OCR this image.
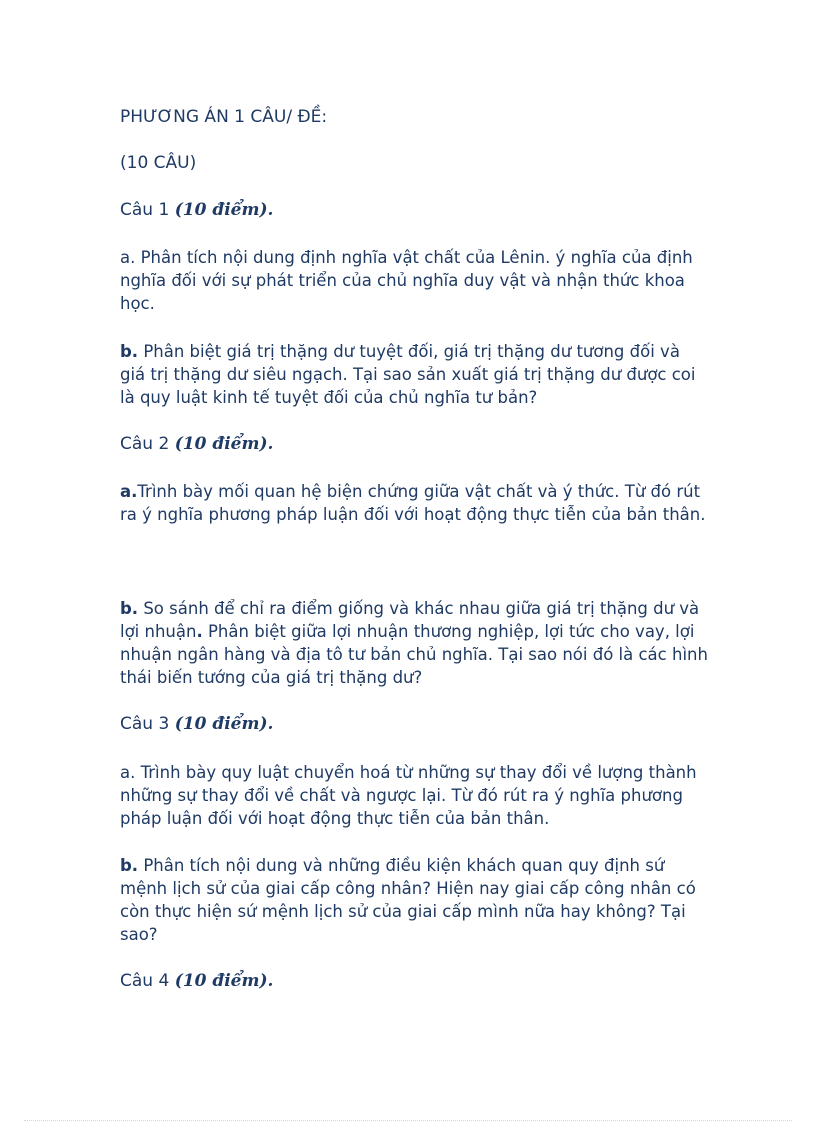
PHƯƠNG ÁN 1 CÂU/ ĐỀ:
(10 CÂU)
Câu 1 (10 điểm).
a. Phân tích nội dung định nghĩa vật chất của Lênin. ý nghĩa của định
nghĩa đối với sự phát triển của chủ nghĩa duy vật và nhận thức khoa
học.
b. Phân biệt giá trị thặng dư tuyệt đối, giá trị thặng dư tương đối và
giá trị thặng dư siêu ngạch. Tại sao sản xuất giá trị thặng dư được coi
là quy luật kinh tế tuyệt đối của chủ nghĩa tư bản?
Câu 2 (10 điểm).
a.Trình bày mối quan hệ biện chứng giữa vật chất và ý thức. Từ đó rút
ra ý nghĩa phương pháp luận đối với hoạt động thực tiễn của bản thân.
b. So sánh để chỉ ra điểm giống và khác nhau giữa giá trị thặng dư và
lợi nhuận. Phân biệt giữa lợi nhuận thương nghiệp, lợi tức cho vay, lợi
nhuận ngân hàng và địa tô tư bản chủ nghĩa. Tại sao nói đó là các hình
thái biến tướng của giá trị thặng dư?
Câu 3 (10 điểm).
a. Trình bày quy luật chuyển hoá từ những sự thay đổi về lượng thành
những sự thay đổi về chất và ngược lại. Từ đó rút ra ý nghĩa phương
pháp luận đối với hoạt động thực tiễn của bản thân.
b. Phân tích nội dung và những điều kiện khách quan quy định sứ
mệnh lịch sử của giai cấp công nhân? Hiện nay giai cấp công nhân có
còn thực hiện sứ mệnh lịch sử của giai cấp mình nữa hay không? Tại
sao?
Câu 4 (10 điểm).
